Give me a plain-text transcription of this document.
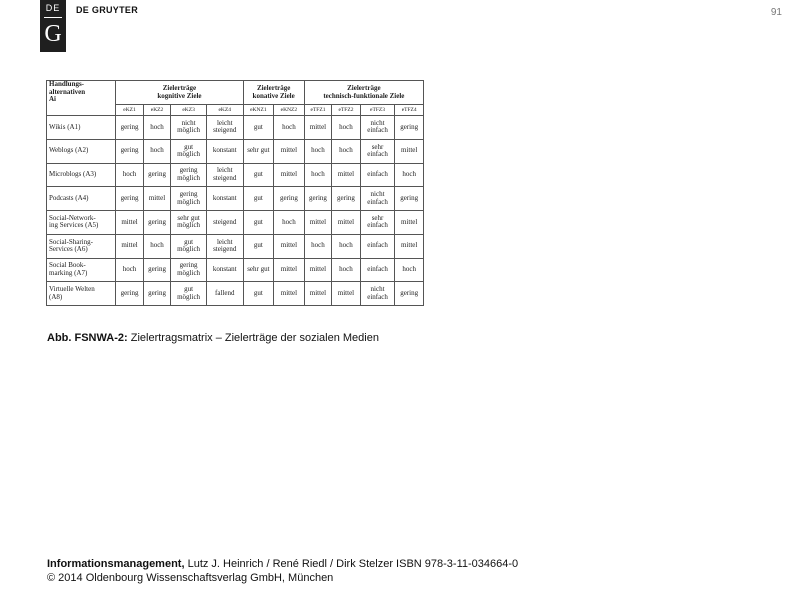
DE
G
DE GRUYTER	91
Handlungs-
alternativen
Ai	Zielerträge
kognitive Ziele				Zielerträge
konative Ziele		Zielerträge
technisch-funktionale Ziele			
	eKZ1	eKZ2	eKZ3	eKZ4	eKNZ1	eKNZ2	eTFZ1	eTFZ2	eTFZ3	eTFZ4
Wikis (A1)	gering	hoch	nicht möglich	leicht steigend	gut	hoch	mittel	hoch	nicht einfach	gering
Weblogs (A2)	gering	hoch	gut möglich	konstant	sehr gut	mittel	hoch	hoch	sehr einfach	mittel
Microblogs (A3)	hoch	gering	gering möglich	leicht steigend	gut	mittel	hoch	mittel	einfach	hoch
Podcasts (A4)	gering	mittel	gering möglich	konstant	gut	gering	gering	gering	nicht einfach	gering
Social-Network-
ing Services (A5)	mittel	gering	sehr gut möglich	steigend	gut	hoch	mittel	mittel	sehr einfach	mittel
Social-Sharing-
Services (A6)	mittel	hoch	gut möglich	leicht steigend	gut	mittel	hoch	hoch	einfach	mittel
Social Book-
marking (A7)	hoch	gering	gering möglich	konstant	sehr gut	mittel	mittel	hoch	einfach	hoch
Virtuelle Welten
(A8)	gering	gering	gut möglich	fallend	gut	mittel	mittel	mittel	nicht einfach	gering
Abb. FSNWA-2: Zielertragsmatrix – Zielerträge der sozialen Medien
Informationsmanagement, Lutz J. Heinrich / René Riedl / Dirk Stelzer ISBN 978-3-11-034664-0
© 2014 Oldenbourg Wissenschaftsverlag GmbH, München
